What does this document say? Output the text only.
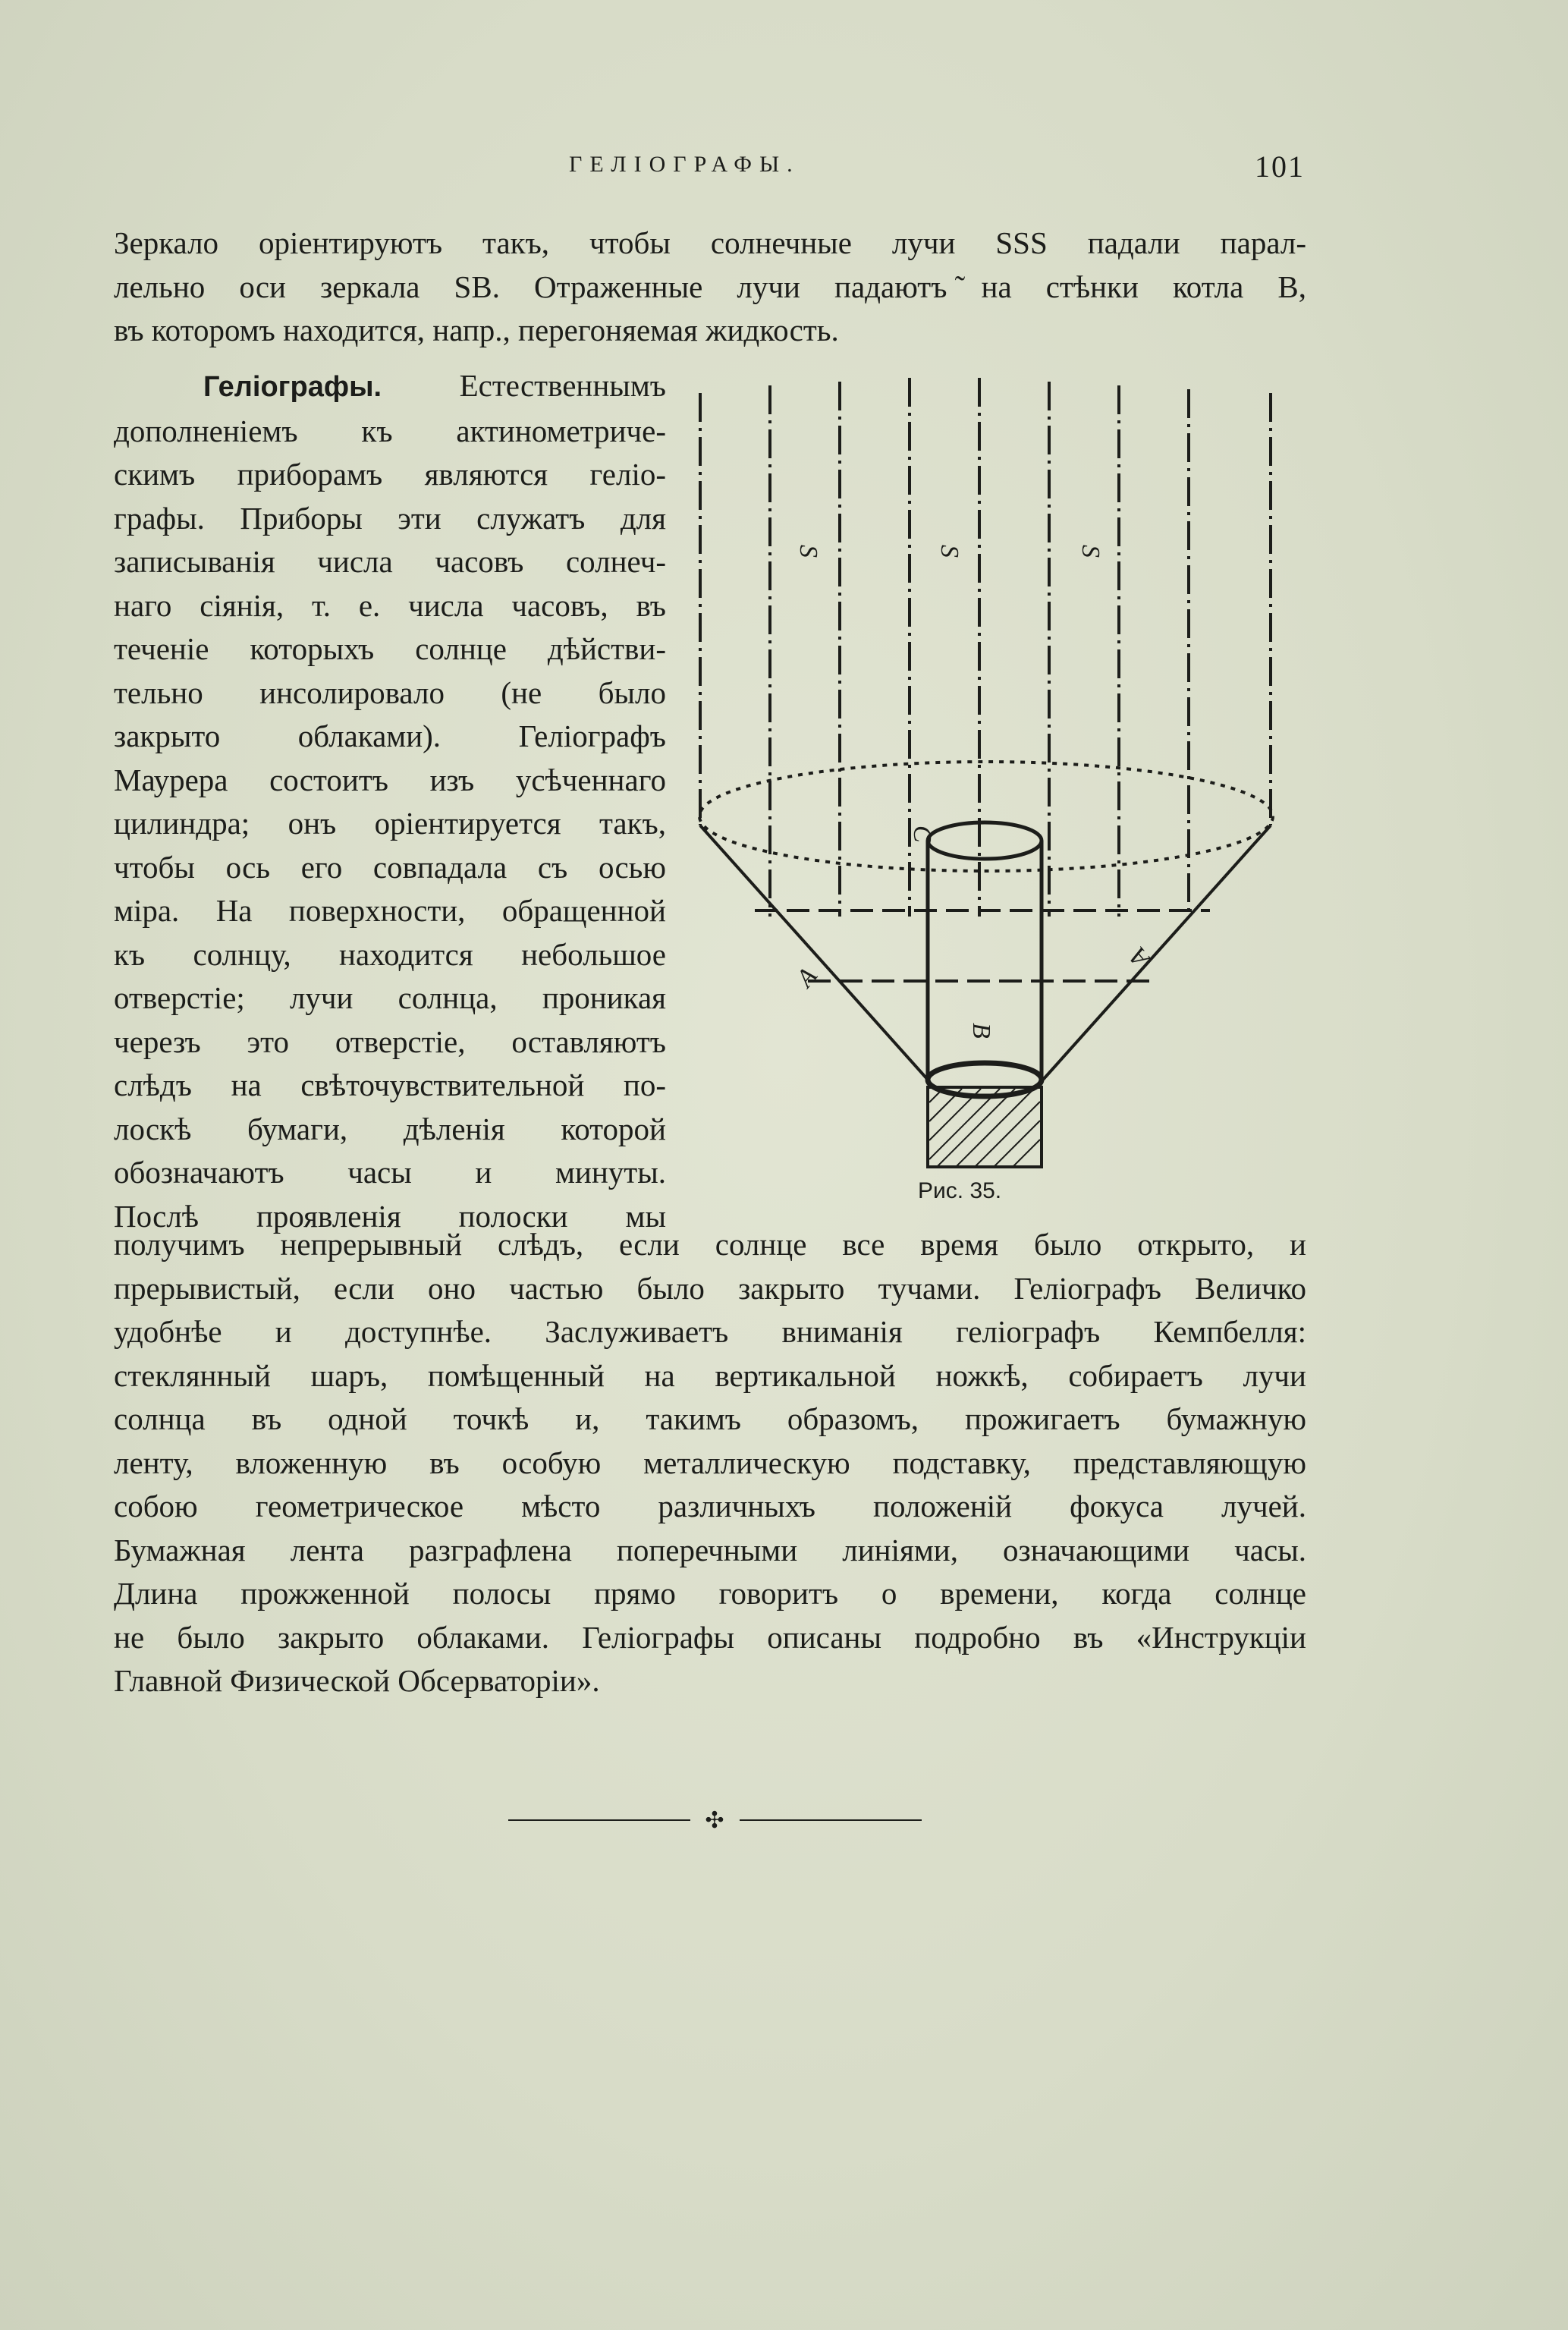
ГЕЛІОГРАФЫ.	101
Зеркало оріентируютъ такъ, чтобы солнечные лучи SSS падали парал-
лельно оси зеркала SB. Отраженные лучи падаютъ ̃на стѣнки котла B,
въ которомъ находится, напр., перегоняемая жидкость.
Геліографы.	Естественнымъ
дополненіемъ къ актинометриче-
скимъ приборамъ являются гелiо-
графы. Приборы эти служатъ для
записыванія числа часовъ солнеч-
наго сіянія, т. е. числа часовъ, въ
теченіе которыхъ солнце дѣйстви-
тельно инсолировало (не было
закрыто облаками). Геліографъ
Маурера состоитъ изъ усѣченнаго
цилиндра; онъ оріентируется такъ,
чтобы ось его совпадала съ осью
міра. На поверхности, обращенной
къ солнцу, находится небольшое
отверстіе; лучи солнца, проникая
черезъ это отверстіе, оставляютъ
слѣдъ на свѣточувствительной по-
лоскѣ бумаги, дѣленія которой
обозначаютъ часы и минуты.
Послѣ проявленія полоски мы
S	S	S
C
B
A
A
Рис. 35.
получимъ непрерывный слѣдъ, если солнце все время было открыто, и
прерывистый, если оно частью было закрыто тучами. Геліографъ Величко
удобнѣе и доступнѣе. Заслуживаетъ вниманія геліографъ Кемпбелля:
стеклянный шаръ, помѣщенный на вертикальной ножкѣ, собираетъ лучи
солнца въ одной точкѣ и, такимъ образомъ, прожигаетъ бумажную
ленту, вложенную въ особую металлическую подставку, представляющую
собою геометрическое мѣсто различныхъ положеній фокуса лучей.
Бумажная лента разграфлена поперечными линіями, означающими часы.
Длина прожженной полосы прямо говоритъ о времени, когда солнце
не было закрыто облаками. Геліографы описаны подробно въ «Инструкціи
Главной Физической Обсерваторіи».
✣
